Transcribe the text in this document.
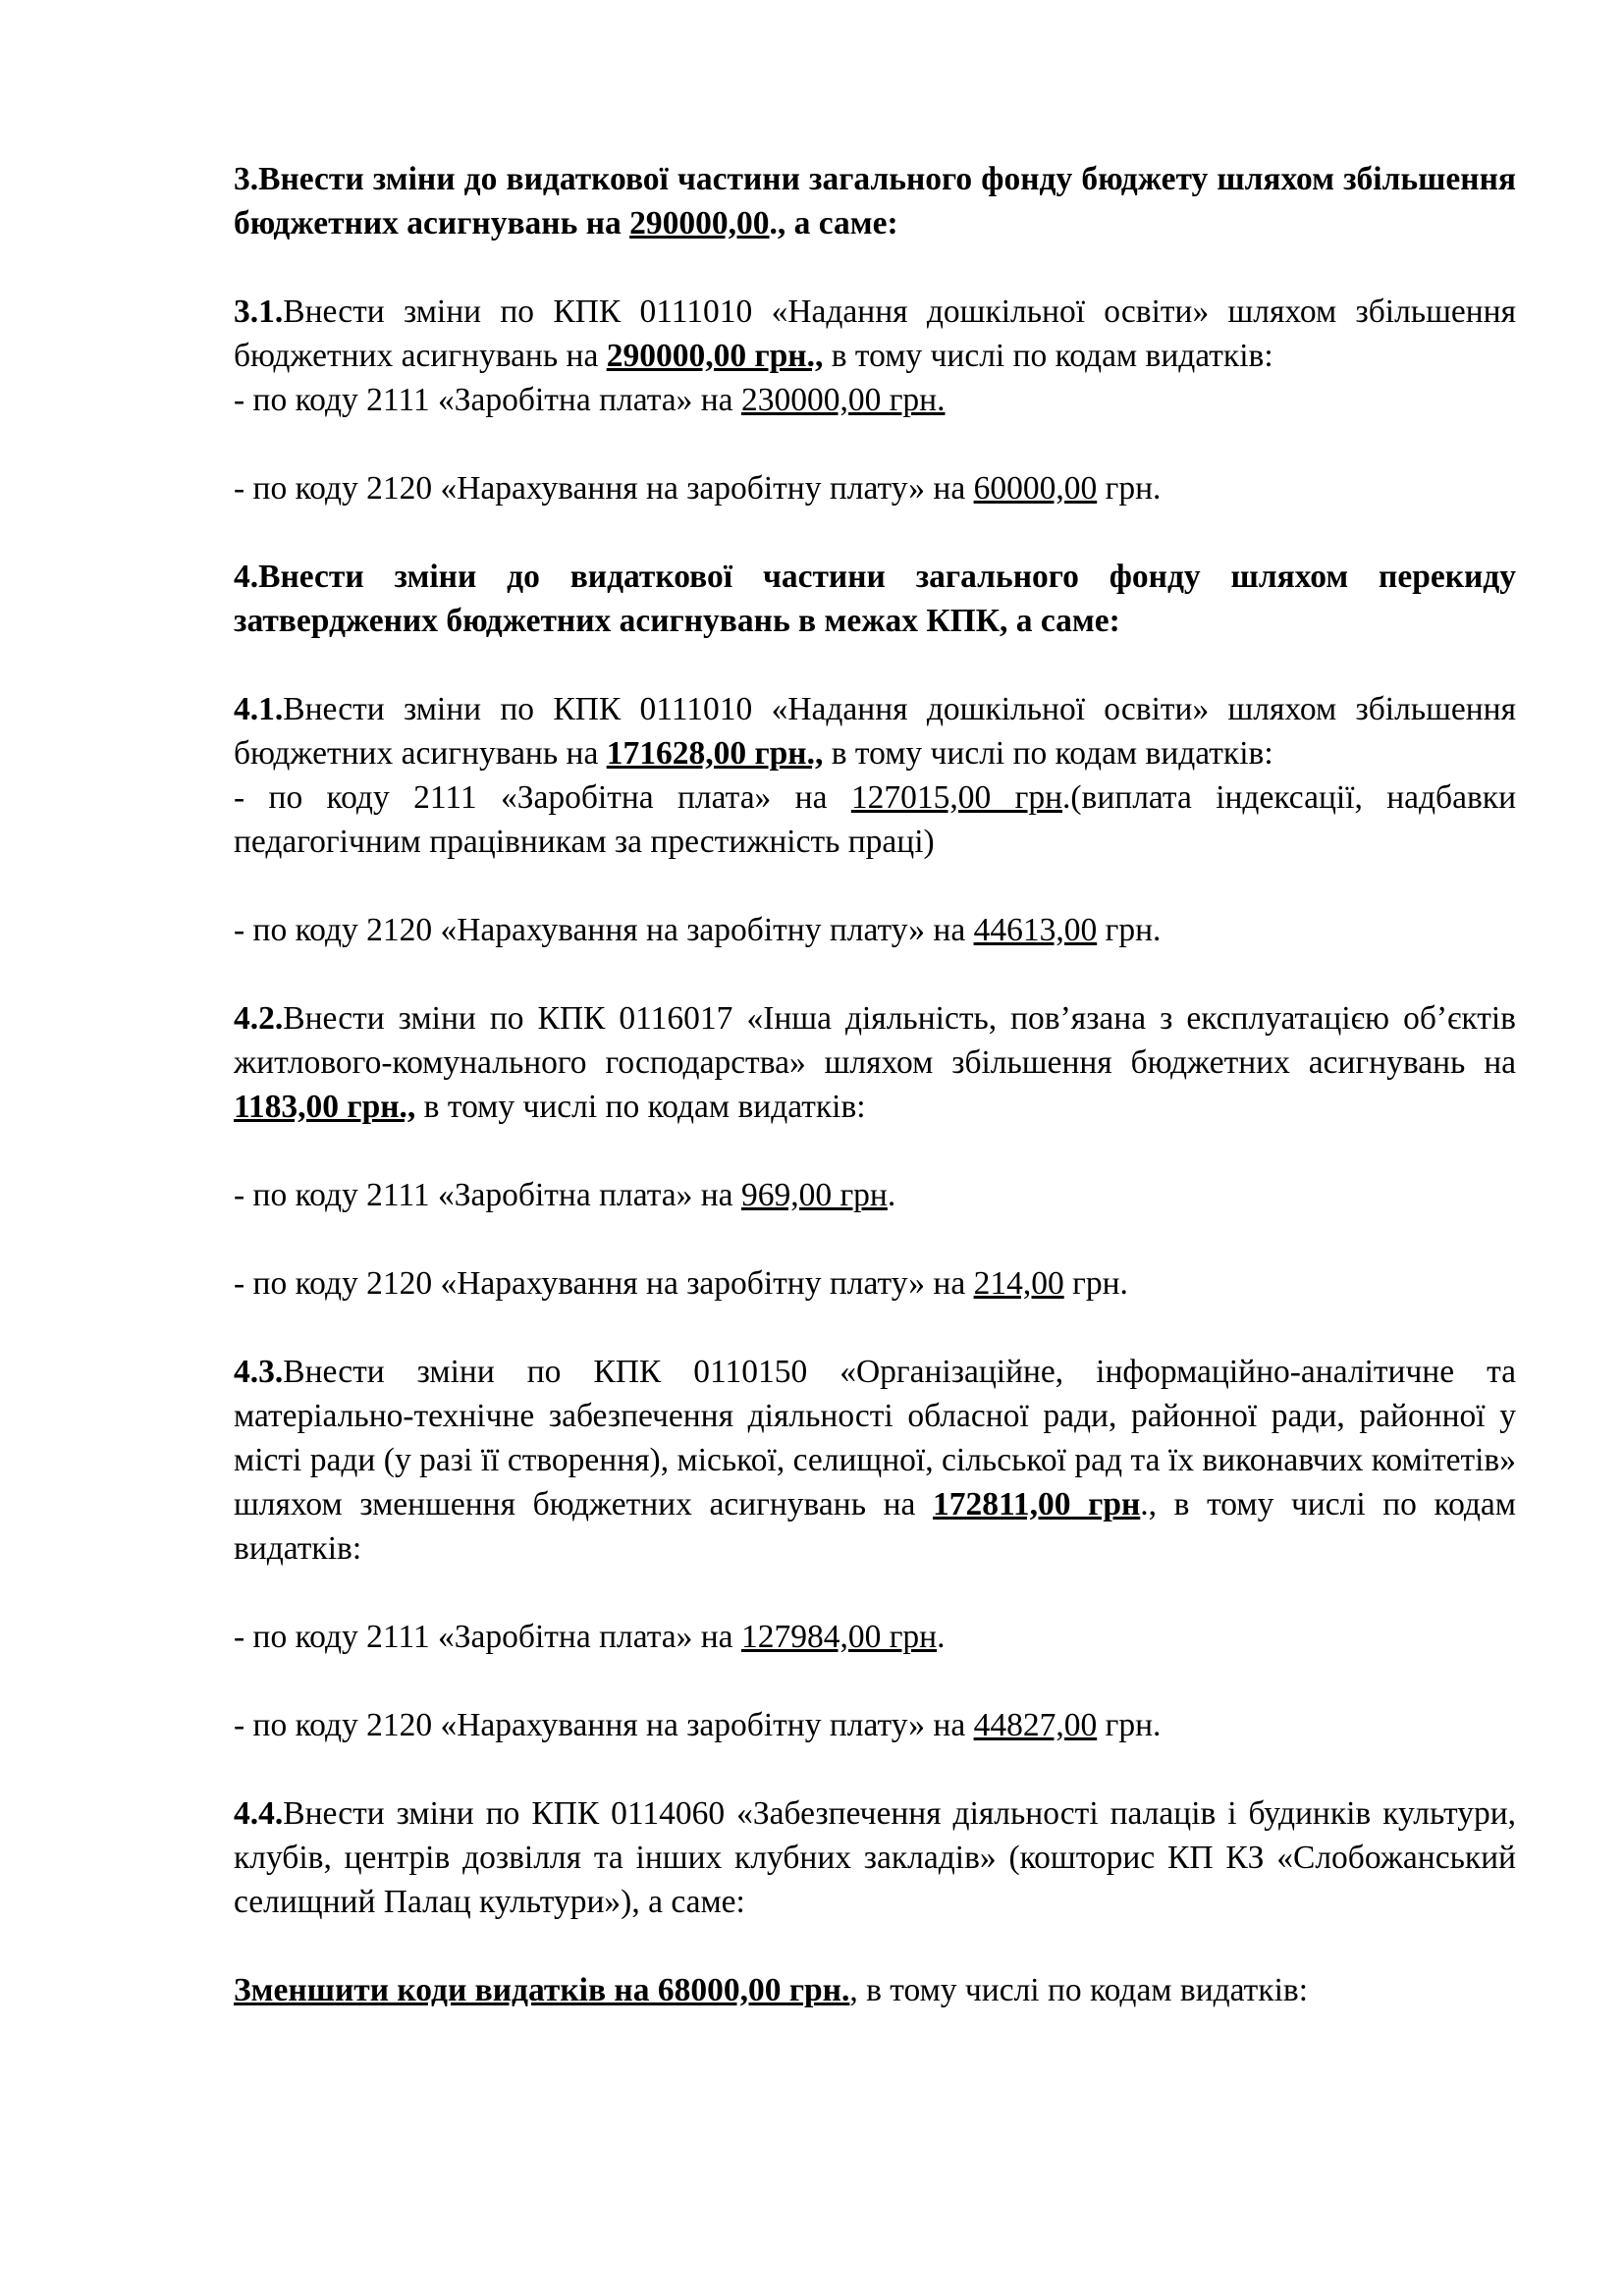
3.Внести зміни до видаткової частини загального фонду бюджету шляхом збільшення бюджетних асигнувань на 290000,00., а саме:

3.1.Внести зміни по КПК 0111010 «Надання дошкільної освіти» шляхом збільшення бюджетних асигнувань на 290000,00 грн., в тому числі по кодам видатків:

- по коду 2111 «Заробітна плата» на 230000,00 грн.

- по коду 2120 «Нарахування на заробітну плату» на 60000,00 грн.

4.Внести зміни до видаткової частини загального фонду шляхом перекиду затверджених бюджетних асигнувань в межах КПК, а саме:

4.1.Внести зміни по КПК 0111010 «Надання дошкільної освіти» шляхом збільшення бюджетних асигнувань на 171628,00 грн., в тому числі по кодам видатків:

- по коду 2111 «Заробітна плата» на 127015,00 грн.(виплата індексації, надбавки педагогічним працівникам за престижність праці)

- по коду 2120 «Нарахування на заробітну плату» на 44613,00 грн.

4.2.Внести зміни по КПК 0116017 «Інша діяльність, пов’язана з експлуатацією об’єктів житлового-комунального господарства» шляхом збільшення бюджетних асигнувань на 1183,00 грн., в тому числі по кодам видатків:

- по коду 2111 «Заробітна плата» на 969,00 грн.

- по коду 2120 «Нарахування на заробітну плату» на 214,00 грн.

4.3.Внести зміни по КПК 0110150 «Організаційне, інформаційно-аналітичне та матеріально-технічне забезпечення діяльності обласної ради, районної ради, районної у місті ради (у разі її створення), міської, селищної, сільської рад та їх виконавчих комітетів» шляхом зменшення бюджетних асигнувань на 172811,00 грн., в тому числі по кодам видатків:

- по коду 2111 «Заробітна плата» на 127984,00 грн.

- по коду 2120 «Нарахування на заробітну плату» на 44827,00 грн.

4.4.Внести зміни по КПК 0114060 «Забезпечення діяльності палаців і будинків культури, клубів, центрів дозвілля та інших клубних закладів» (кошторис КП КЗ «Слобожанський селищний Палац культури»), а саме:

Зменшити коди видатків на 68000,00 грн., в тому числі по кодам видатків:
